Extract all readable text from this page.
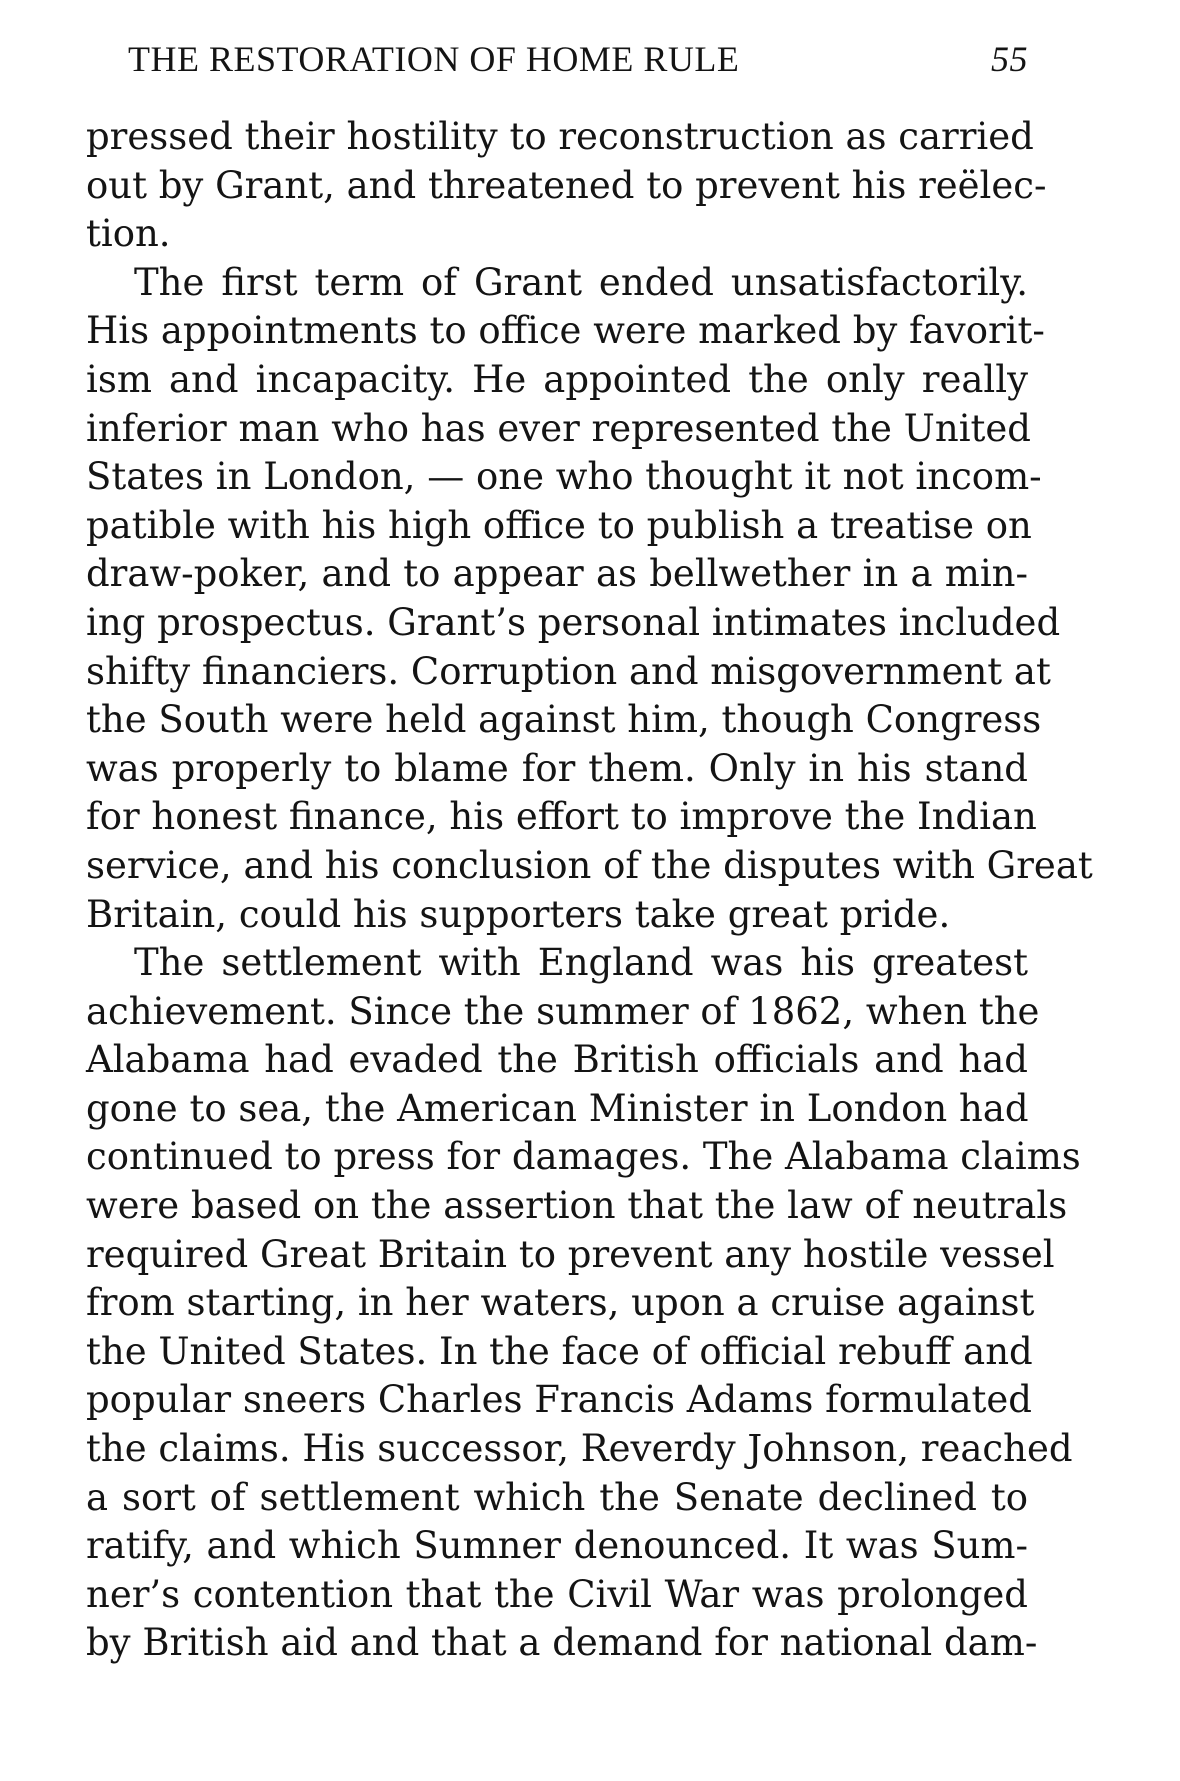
THE RESTORATION OF HOME RULE	55
pressed their hostility to reconstruction as carried
out by Grant, and threatened to prevent his reëlec-
tion.
The first term of Grant ended unsatisfactorily.
His appointments to office were marked by favorit-
ism and incapacity. He appointed the only really
inferior man who has ever represented the United
States in London, — one who thought it not incom-
patible with his high office to publish a treatise on
draw-poker, and to appear as bellwether in a min-
ing prospectus. Grant’s personal intimates included
shifty financiers. Corruption and misgovernment at
the South were held against him, though Congress
was properly to blame for them. Only in his stand
for honest finance, his effort to improve the Indian
service, and his conclusion of the disputes with Great
Britain, could his supporters take great pride.
The settlement with England was his greatest
achievement. Since the summer of 1862, when the
Alabama had evaded the British officials and had
gone to sea, the American Minister in London had
continued to press for damages. The Alabama claims
were based on the assertion that the law of neutrals
required Great Britain to prevent any hostile vessel
from starting, in her waters, upon a cruise against
the United States. In the face of official rebuff and
popular sneers Charles Francis Adams formulated
the claims. His successor, Reverdy Johnson, reached
a sort of settlement which the Senate declined to
ratify, and which Sumner denounced. It was Sum-
ner’s contention that the Civil War was prolonged
by British aid and that a demand for national dam-
